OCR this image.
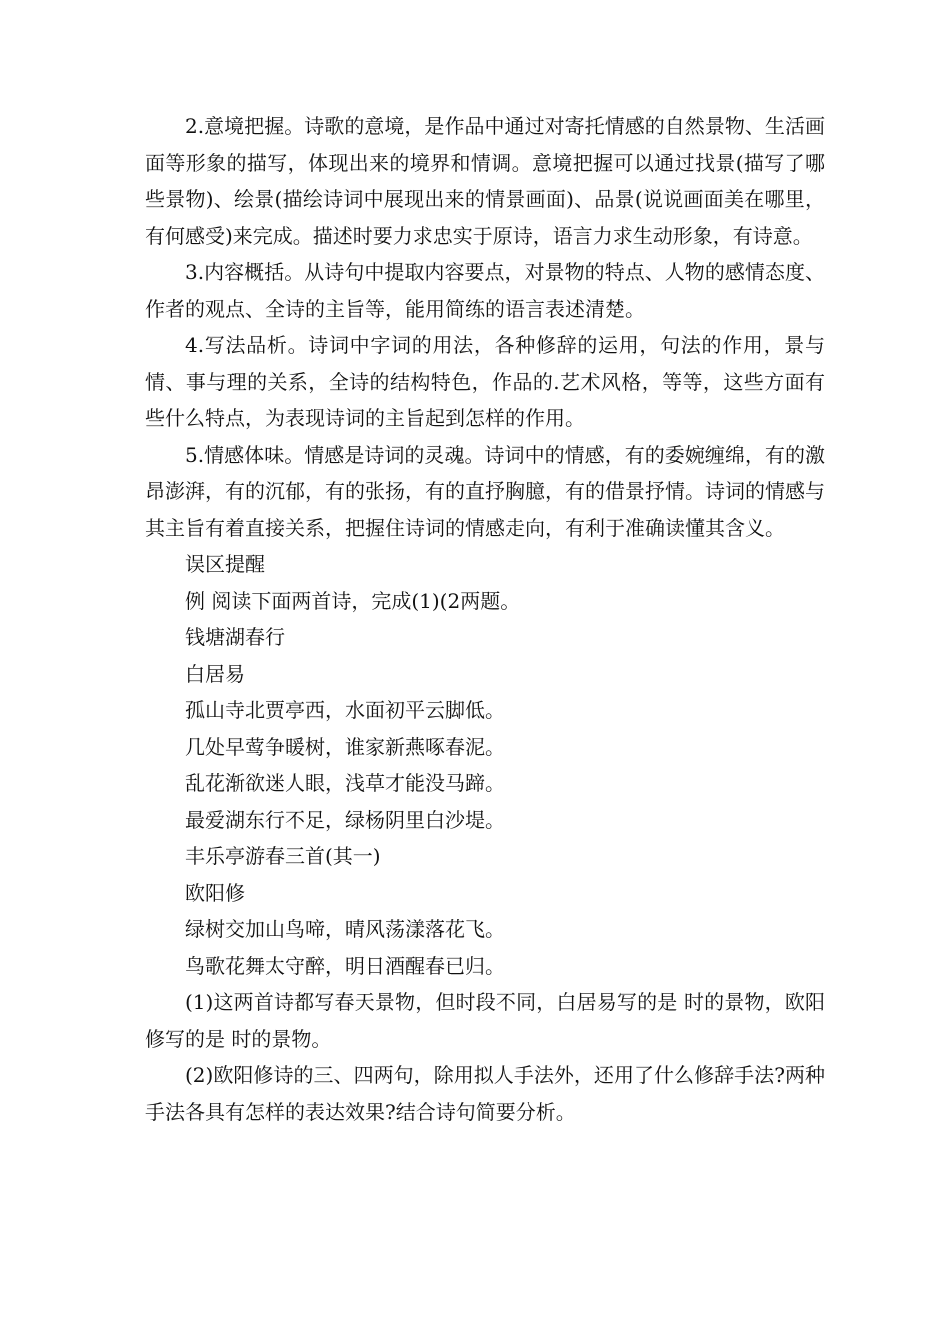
2.意境把握。诗歌的意境，是作品中通过对寄托情感的自然景物、生活画面等形象的描写，体现出来的境界和情调。意境把握可以通过找景(描写了哪些景物)、绘景(描绘诗词中展现出来的情景画面)、品景(说说画面美在哪里，有何感受)来完成。描述时要力求忠实于原诗，语言力求生动形象，有诗意。

3.内容概括。从诗句中提取内容要点，对景物的特点、人物的感情态度、作者的观点、全诗的主旨等，能用简练的语言表述清楚。

4.写法品析。诗词中字词的用法，各种修辞的运用，句法的作用，景与情、事与理的关系，全诗的结构特色，作品的.艺术风格，等等，这些方面有些什么特点，为表现诗词的主旨起到怎样的作用。

5.情感体味。情感是诗词的灵魂。诗词中的情感，有的委婉缠绵，有的激昂澎湃，有的沉郁，有的张扬，有的直抒胸臆，有的借景抒情。诗词的情感与其主旨有着直接关系，把握住诗词的情感走向，有利于准确读懂其含义。

误区提醒

例 阅读下面两首诗，完成(1)(2两题。

钱塘湖春行

白居易

孤山寺北贾亭西，水面初平云脚低。

几处早莺争暖树，谁家新燕啄春泥。

乱花渐欲迷人眼，浅草才能没马蹄。

最爱湖东行不足，绿杨阴里白沙堤。

丰乐亭游春三首(其一)

欧阳修

绿树交加山鸟啼，晴风荡漾落花飞。

鸟歌花舞太守醉，明日酒醒春已归。

(1)这两首诗都写春天景物，但时段不同，白居易写的是 时的景物，欧阳修写的是 时的景物。

(2)欧阳修诗的三、四两句，除用拟人手法外，还用了什么修辞手法?两种手法各具有怎样的表达效果?结合诗句简要分析。
